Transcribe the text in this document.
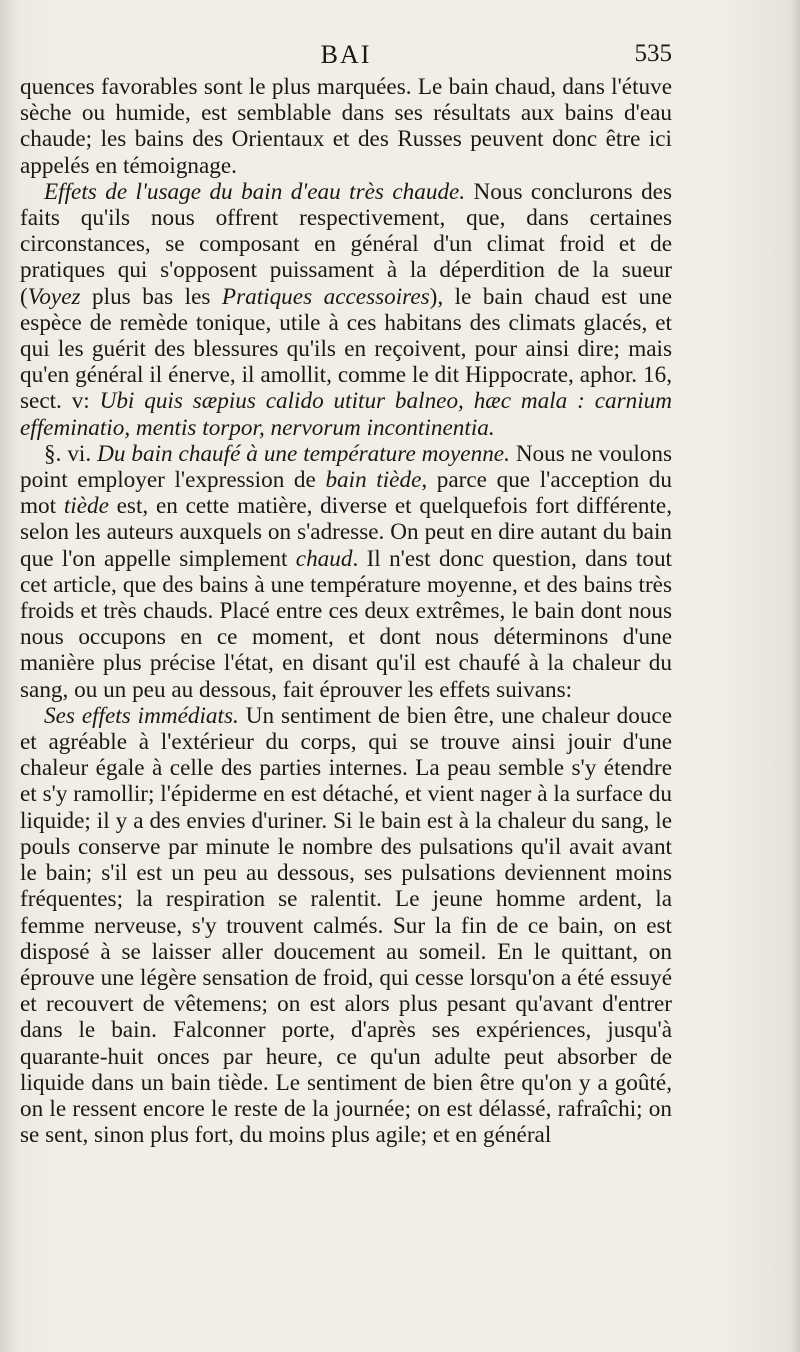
BAI	535

quences favorables sont le plus marquées. Le bain chaud, dans l'étuve sèche ou humide, est semblable dans ses résultats aux bains d'eau chaude; les bains des Orientaux et des Russes peuvent donc être ici appelés en témoignage.

Effets de l'usage du bain d'eau très chaude. Nous conclurons des faits qu'ils nous offrent respectivement, que, dans certaines circonstances, se composant en général d'un climat froid et de pratiques qui s'opposent puissament à la déperdition de la sueur (Voyez plus bas les Pratiques accessoires), le bain chaud est une espèce de remède tonique, utile à ces habitans des climats glacés, et qui les guérit des blessures qu'ils en reçoivent, pour ainsi dire; mais qu'en général il énerve, il amollit, comme le dit Hippocrate, aphor. 16, sect. v: Ubi quis sæpius calido utitur balneo, hæc mala : carnium effeminatio, mentis torpor, nervorum incontinentia.

§. vi. Du bain chaufé à une température moyenne. Nous ne voulons point employer l'expression de bain tiède, parce que l'acception du mot tiède est, en cette matière, diverse et quelquefois fort différente, selon les auteurs auxquels on s'adresse. On peut en dire autant du bain que l'on appelle simplement chaud. Il n'est donc question, dans tout cet article, que des bains à une température moyenne, et des bains très froids et très chauds. Placé entre ces deux extrêmes, le bain dont nous nous occupons en ce moment, et dont nous déterminons d'une manière plus précise l'état, en disant qu'il est chaufé à la chaleur du sang, ou un peu au dessous, fait éprouver les effets suivans:

Ses effets immédiats. Un sentiment de bien être, une chaleur douce et agréable à l'extérieur du corps, qui se trouve ainsi jouir d'une chaleur égale à celle des parties internes. La peau semble s'y étendre et s'y ramollir; l'épiderme en est détaché, et vient nager à la surface du liquide; il y a des envies d'uriner. Si le bain est à la chaleur du sang, le pouls conserve par minute le nombre des pulsations qu'il avait avant le bain; s'il est un peu au dessous, ses pulsations deviennent moins fréquentes; la respiration se ralentit. Le jeune homme ardent, la femme nerveuse, s'y trouvent calmés. Sur la fin de ce bain, on est disposé à se laisser aller doucement au someil. En le quittant, on éprouve une légère sensation de froid, qui cesse lorsqu'on a été essuyé et recouvert de vêtemens; on est alors plus pesant qu'avant d'entrer dans le bain. Falconner porte, d'après ses expériences, jusqu'à quarante-huit onces par heure, ce qu'un adulte peut absorber de liquide dans un bain tiède. Le sentiment de bien être qu'on y a goûté, on le ressent encore le reste de la journée; on est délassé, rafraîchi; on se sent, sinon plus fort, du moins plus agile; et en général
